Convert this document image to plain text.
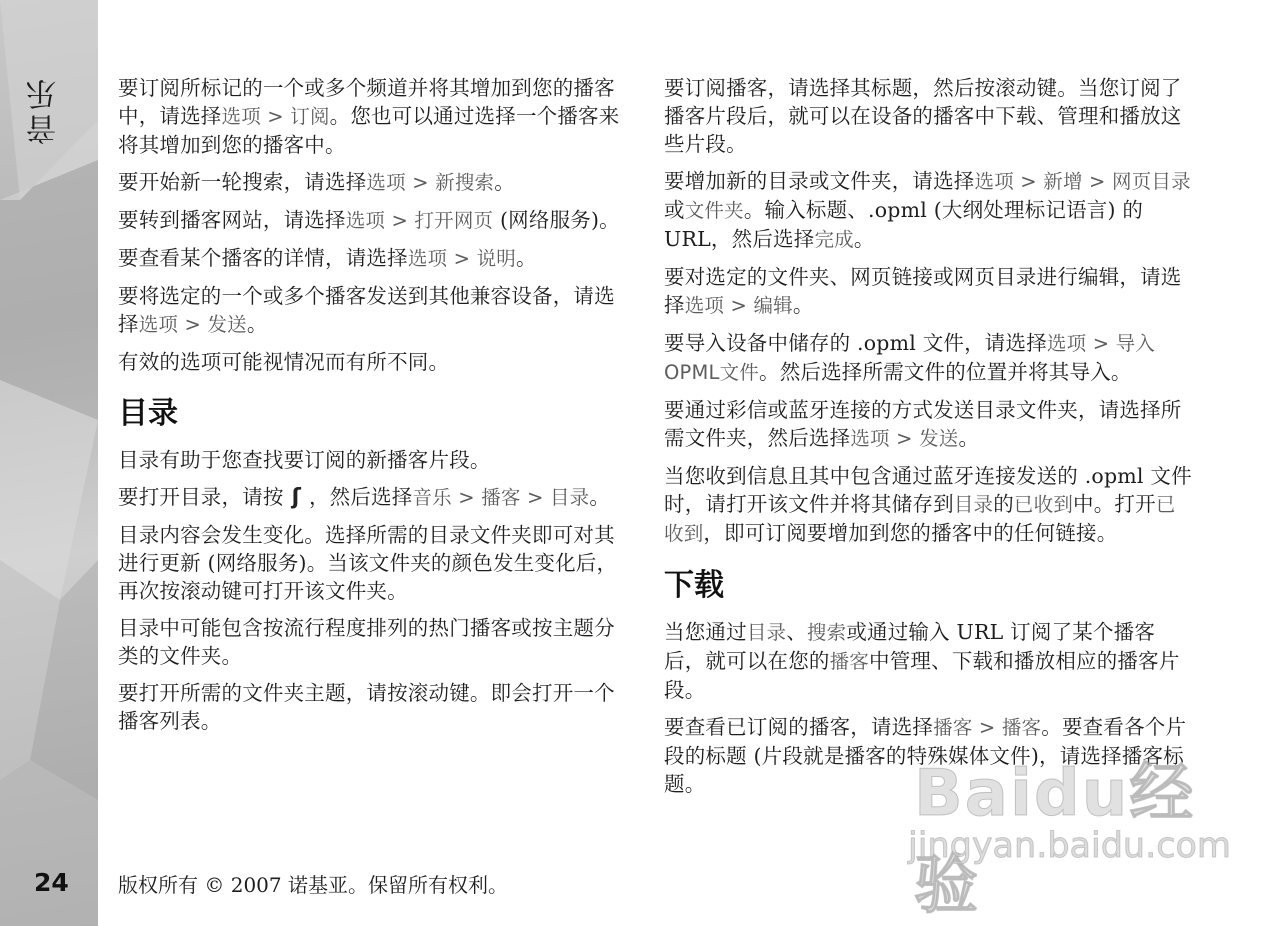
音乐
24

要订阅所标记的一个或多个频道并将其增加到您的播客中，请选择选项 > 订阅。您也可以通过选择一个播客来将其增加到您的播客中。

要开始新一轮搜索，请选择选项 > 新搜索。

要转到播客网站，请选择选项 > 打开网页 (网络服务)。

要查看某个播客的详情，请选择选项 > 说明。

要将选定的一个或多个播客发送到其他兼容设备，请选择选项 > 发送。

有效的选项可能视情况而有所不同。

目录

目录有助于您查找要订阅的新播客片段。

要打开目录，请按 ʃ ，然后选择音乐 > 播客 > 目录。

目录内容会发生变化。选择所需的目录文件夹即可对其进行更新 (网络服务)。当该文件夹的颜色发生变化后，再次按滚动键可打开该文件夹。

目录中可能包含按流行程度排列的热门播客或按主题分类的文件夹。

要打开所需的文件夹主题，请按滚动键。即会打开一个播客列表。

要订阅播客，请选择其标题，然后按滚动键。当您订阅了播客片段后，就可以在设备的播客中下载、管理和播放这些片段。

要增加新的目录或文件夹，请选择选项 > 新增 > 网页目录或文件夹。输入标题、.opml (大纲处理标记语言) 的 URL，然后选择完成。

要对选定的文件夹、网页链接或网页目录进行编辑，请选择选项 > 编辑。

要导入设备中储存的 .opml 文件，请选择选项 > 导入OPML文件。然后选择所需文件的位置并将其导入。

要通过彩信或蓝牙连接的方式发送目录文件夹，请选择所需文件夹，然后选择选项 > 发送。

当您收到信息且其中包含通过蓝牙连接发送的 .opml 文件时，请打开该文件并将其储存到目录的已收到中。打开已收到，即可订阅要增加到您的播客中的任何链接。

下载

当您通过目录、搜索或通过输入 URL 订阅了某个播客后，就可以在您的播客中管理、下载和播放相应的播客片段。

要查看已订阅的播客，请选择播客 > 播客。要查看各个片段的标题 (片段就是播客的特殊媒体文件)，请选择播客标题。

版权所有 © 2007 诺基亚。保留所有权利。
Baidu经验
jingyan.baidu.com
